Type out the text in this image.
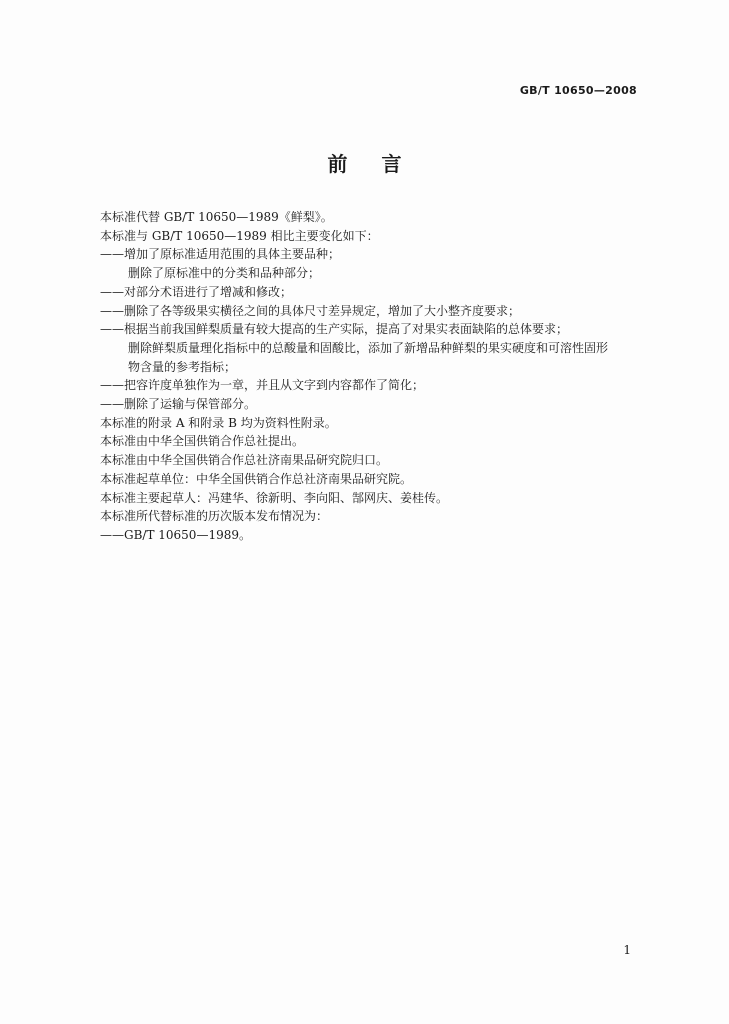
GB/T 10650—2008
前言
本标准代替 GB/T 10650—1989《鲜梨》。
本标准与 GB/T 10650—1989 相比主要变化如下：
——增加了原标准适用范围的具体主要品种；
删除了原标准中的分类和品种部分；
——对部分术语进行了增减和修改；
——删除了各等级果实横径之间的具体尺寸差异规定，增加了大小整齐度要求；
——根据当前我国鲜梨质量有较大提高的生产实际，提高了对果实表面缺陷的总体要求；
删除鲜梨质量理化指标中的总酸量和固酸比，添加了新增品种鲜梨的果实硬度和可溶性固形
物含量的参考指标；
——把容许度单独作为一章，并且从文字到内容都作了简化；
——删除了运输与保管部分。
本标准的附录 A 和附录 B 均为资料性附录。
本标准由中华全国供销合作总社提出。
本标准由中华全国供销合作总社济南果品研究院归口。
本标准起草单位：中华全国供销合作总社济南果品研究院。
本标准主要起草人：冯建华、徐新明、李向阳、郜网庆、姜桂传。
本标准所代替标准的历次版本发布情况为：
——GB/T 10650—1989。
1
